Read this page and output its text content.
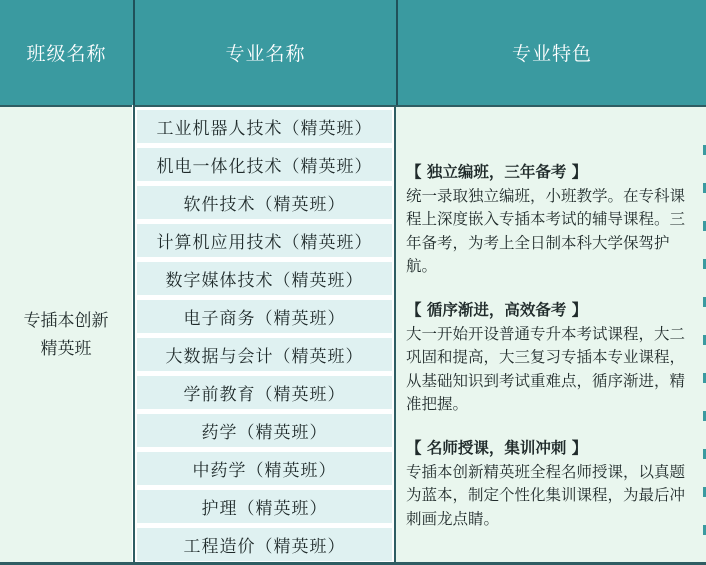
班级名称	专业名称	专业特色
专插本创新精英班
工业机器人技术（精英班）
机电一体化技术（精英班）
软件技术（精英班）
计算机应用技术（精英班）
数字媒体技术（精英班）
电子商务（精英班）
大数据与会计（精英班）
学前教育（精英班）
药学（精英班）
中药学（精英班）
护理（精英班）
工程造价（精英班）
【 独立编班，三年备考 】
统一录取独立编班，小班教学。在专科课程上深度嵌入专插本考试的辅导课程。三年备考，为考上全日制本科大学保驾护航。
【 循序渐进，高效备考 】
大一开始开设普通专升本考试课程，大二巩固和提高，大三复习专插本专业课程，从基础知识到考试重难点，循序渐进，精准把握。
【 名师授课，集训冲刺 】
专插本创新精英班全程名师授课，以真题为蓝本，制定个性化集训课程，为最后冲刺画龙点睛。
